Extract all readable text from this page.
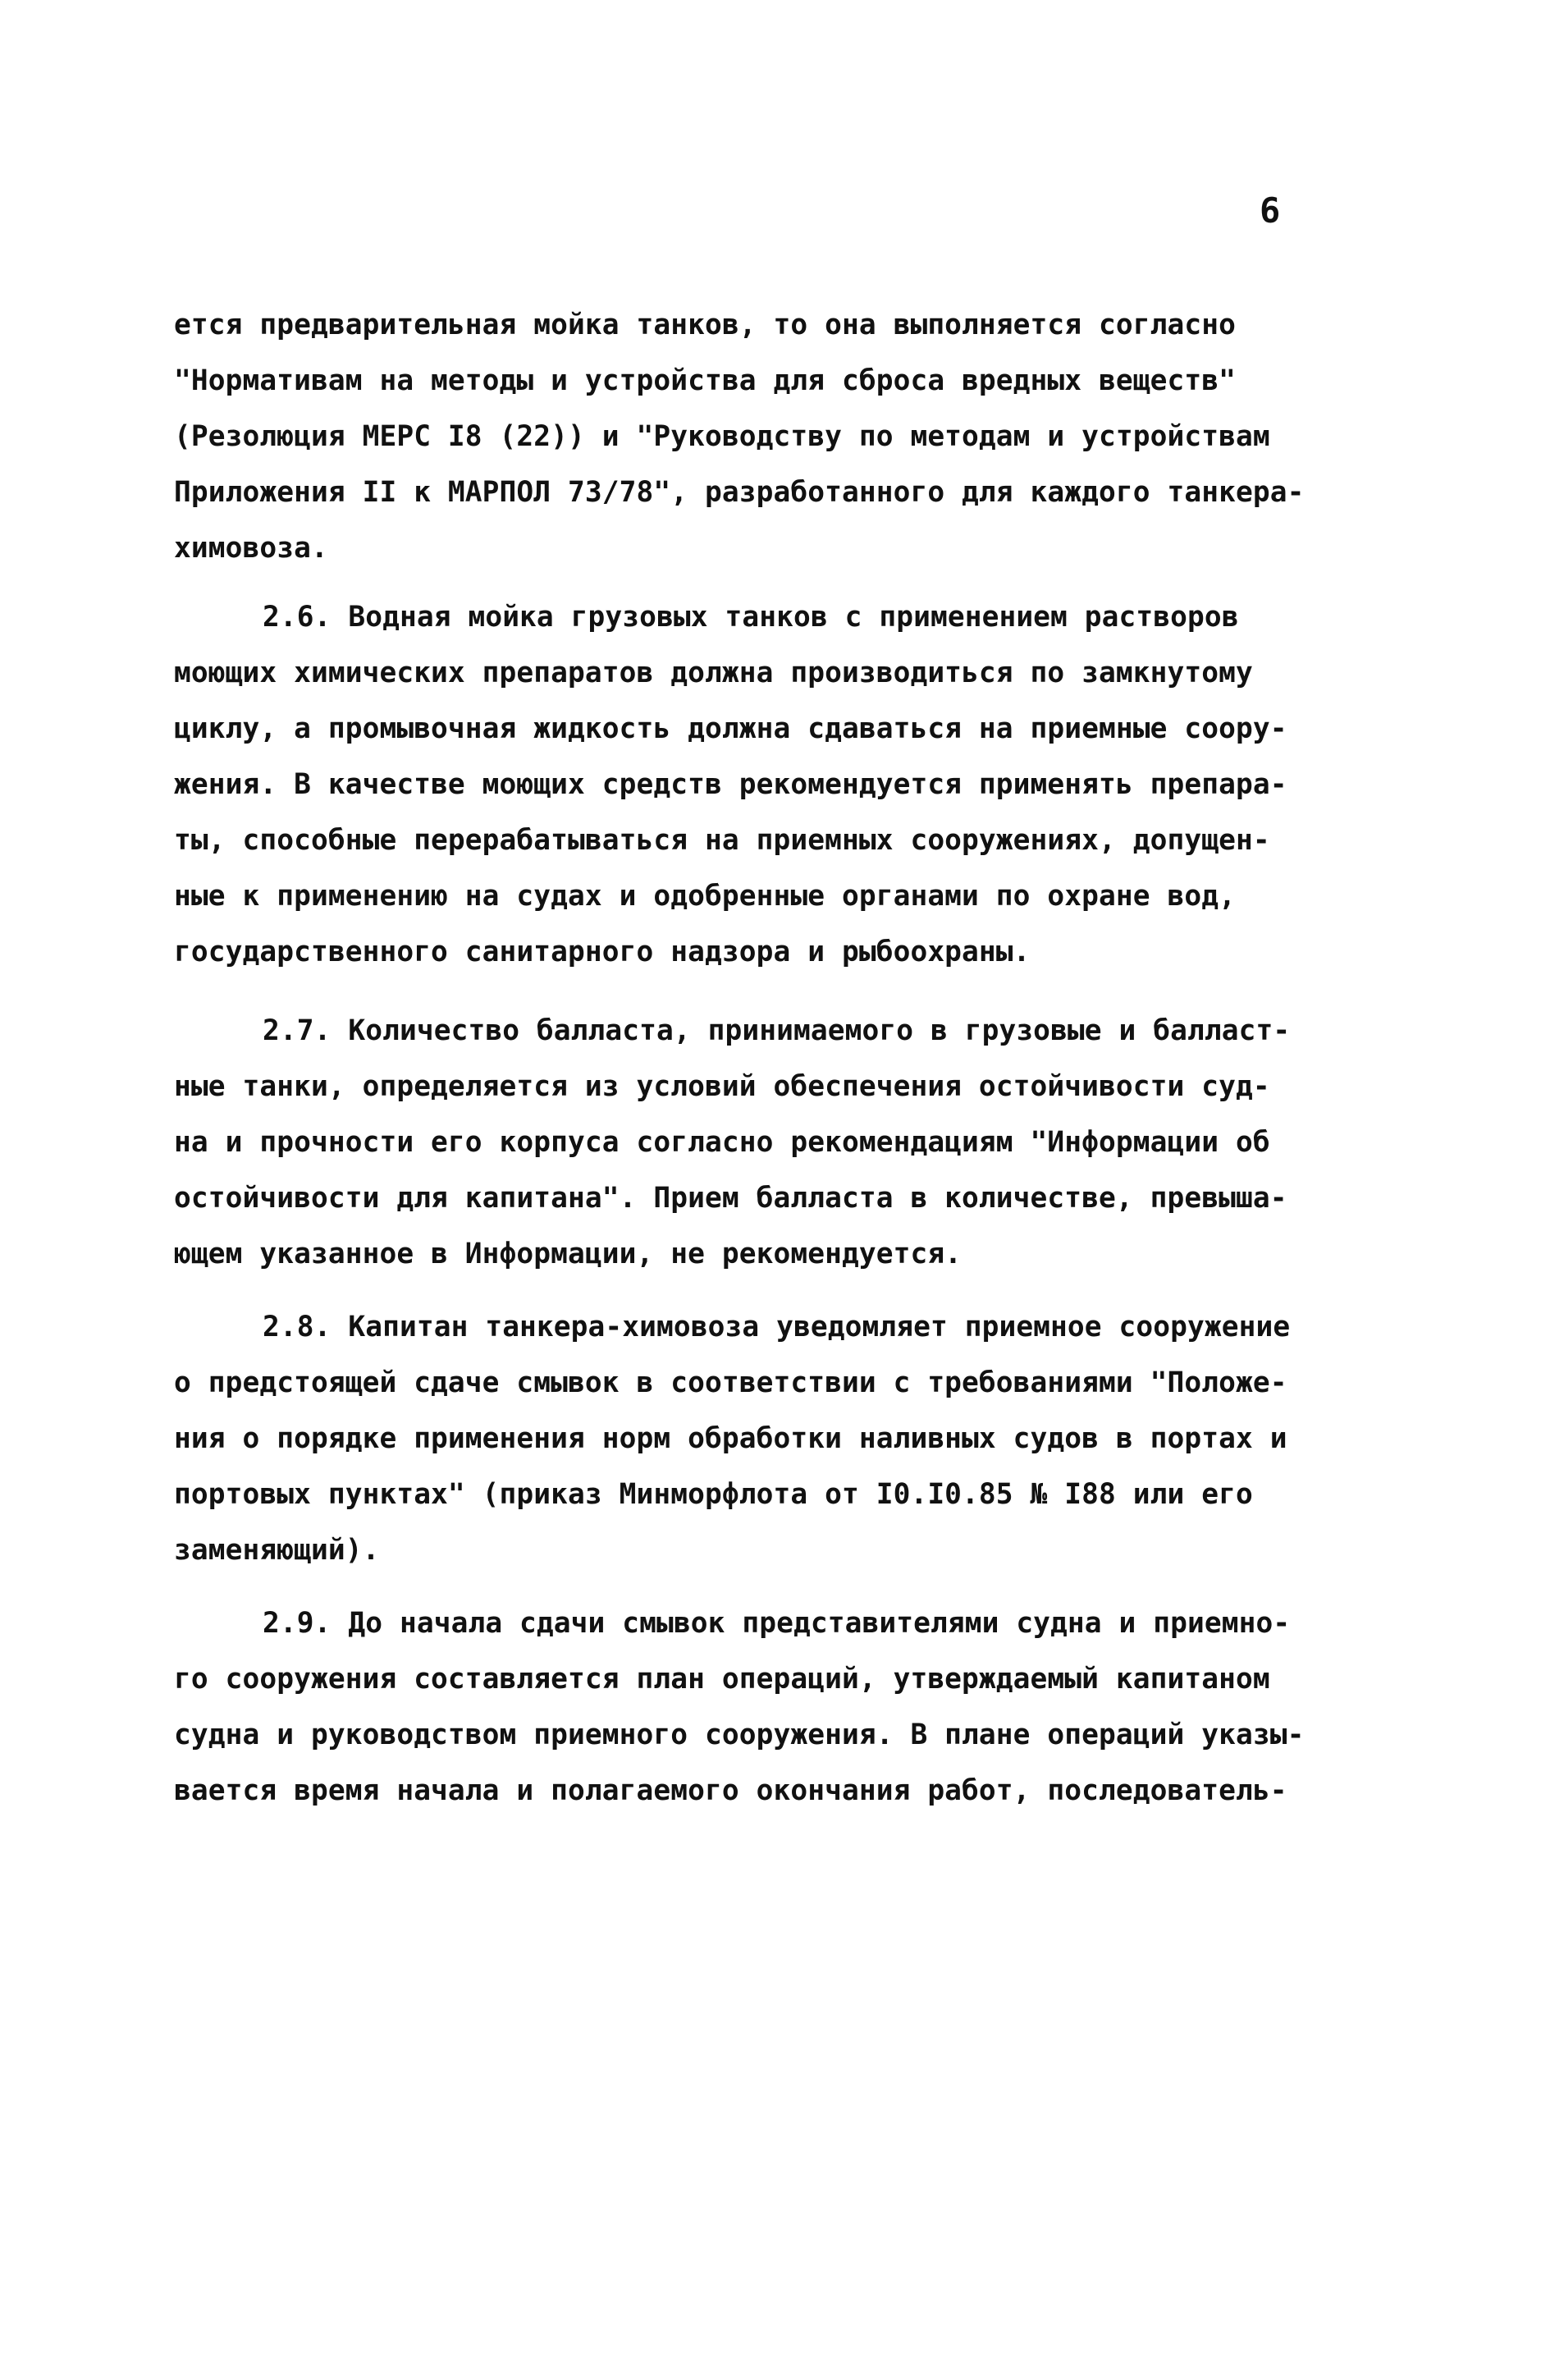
6
ется предварительная мойка танков, то она выполняется согласно
"Нормативам на методы и устройства для сброса вредных веществ"
(Резолюция МЕРС I8 (22)) и "Руководству по методам и устройствам
Приложения II к МАРПОЛ 73/78", разработанного для каждого танкера-
химовоза.
2.6. Водная мойка грузовых танков с применением растворов
моющих химических препаратов должна производиться по замкнутому
циклу, а промывочная жидкость должна сдаваться на приемные соору-
жения. В качестве моющих средств рекомендуется применять препара-
ты, способные перерабатываться на приемных сооружениях, допущен-
ные к применению на судах и одобренные органами по охране вод,
государственного санитарного надзора и рыбоохраны.
2.7. Количество балласта, принимаемого в грузовые и балласт-
ные танки, определяется из условий обеспечения остойчивости суд-
на и прочности его корпуса согласно рекомендациям "Информации об
остойчивости для капитана". Прием балласта в количестве, превыша-
ющем указанное в Информации, не рекомендуется.
2.8. Капитан танкера-химовоза уведомляет приемное сооружение
о предстоящей сдаче смывок в соответствии с требованиями "Положе-
ния о порядке применения норм обработки наливных судов в портах и
портовых пунктах" (приказ Минморфлота от I0.I0.85 № I88 или его
заменяющий).
2.9. До начала сдачи смывок представителями судна и приемно-
го сооружения составляется план операций, утверждаемый капитаном
судна и руководством приемного сооружения. В плане операций указы-
вается время начала и полагаемого окончания работ, последователь-
